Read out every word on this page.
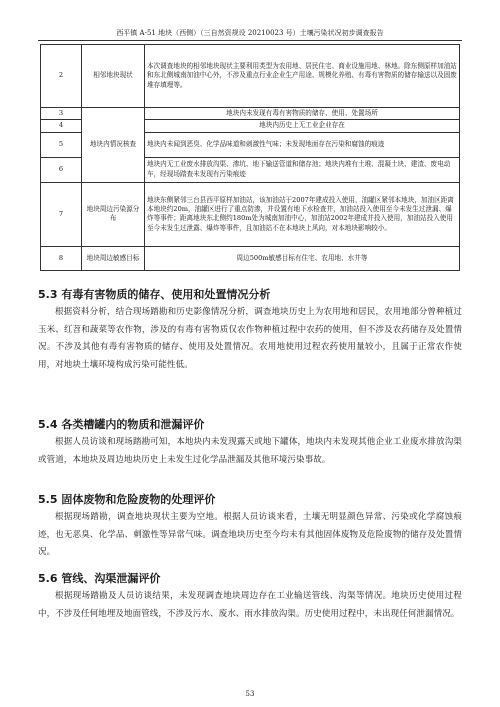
西平镇 A-51 地块（西侧）（三自然资规设 20210023 号）土壤污染状况初步调查报告
2	相邻地块现状	本次调查地块的相邻地块现状主要利用类型为农用地、居民住宅、商业设施用地、林地。除东侧原样加油站和东北侧城南加油中心外，不涉及重点行业企业生产用途、规模化养殖、有毒有害物质的储存输送以及固废堆存填埋等。
3	地块内情况核查	地块内未发现有毒有害物质的储存、使用、处置场所
4		地块内历史上无工业企业存在
5		地块内未闻到恶臭、化学品味道和刺激性气味；未发现地面存在污染和腐蚀的痕迹
6		地块内无工业废水排放沟渠、渗坑、地下输送管道和储存池；地块内堆有土堆、混凝土块、建渣、废电动车，经现场踏查未发现有污染痕迹
7	地块周边污染源分布	地块东侧紧邻三台县西平原样加油站，该加油站于2007年建成投入使用，油罐区紧邻本地块，加油区距离本地块约20m，油罐区进行了重点防渗，并设置有地下水检查井，加油站投入使用至今未发生过泄漏、爆炸等事件；距离地块东北侧约180m处为城南加油中心，加油站2002年建成并投入使用，加油站投入使用至今未发生过泄露、爆炸等事件，且加油站不在本地块上风向，对本地块影响较小。
8	地块周边敏感目标	周边500m敏感目标有住宅、农用地、水井等
5.3 有毒有害物质的储存、使用和处置情况分析

根据资料分析，结合现场踏勘和历史影像情况分析，调查地块历史上为农用地和居民，农用地部分曾种植过玉米、红苕和蔬菜等农作物，涉及的有毒有害物质仅农作物种植过程中农药的使用，但不涉及农药储存及处置情况。不涉及其他有毒有害物质的储存、使用及处置情况。农用地使用过程农药使用量较小，且属于正常农作使用，对地块土壤环境构成污染可能性低。

5.4 各类槽罐内的物质和泄漏评价

根据人员访谈和现场踏勘可知，本地块内未发现露天或地下罐体，地块内未发现其他企业工业废水排放沟渠或管道，本地块及周边地块历史上未发生过化学品泄漏及其他环境污染事故。

5.5 固体废物和危险废物的处理评价

根据现场踏勘，调查地块现状主要为空地。根据人员访谈来看，土壤无明显颜色异常、污染或化学腐蚀痕迹，也无恶臭、化学品、刺激性等异常气味。调查地块历史至今均未有其他固体废物及危险废物的储存及处置情况。

5.6 管线、沟渠泄漏评价

根据现场踏勘及人员访谈结果，未发现调查地块周边存在工业输送管线、沟渠等情况。地块历史使用过程中，不涉及任何地埋及地面管线，不涉及污水、废水、雨水排放沟渠。历史使用过程中，未出现任何泄漏情况。

53
